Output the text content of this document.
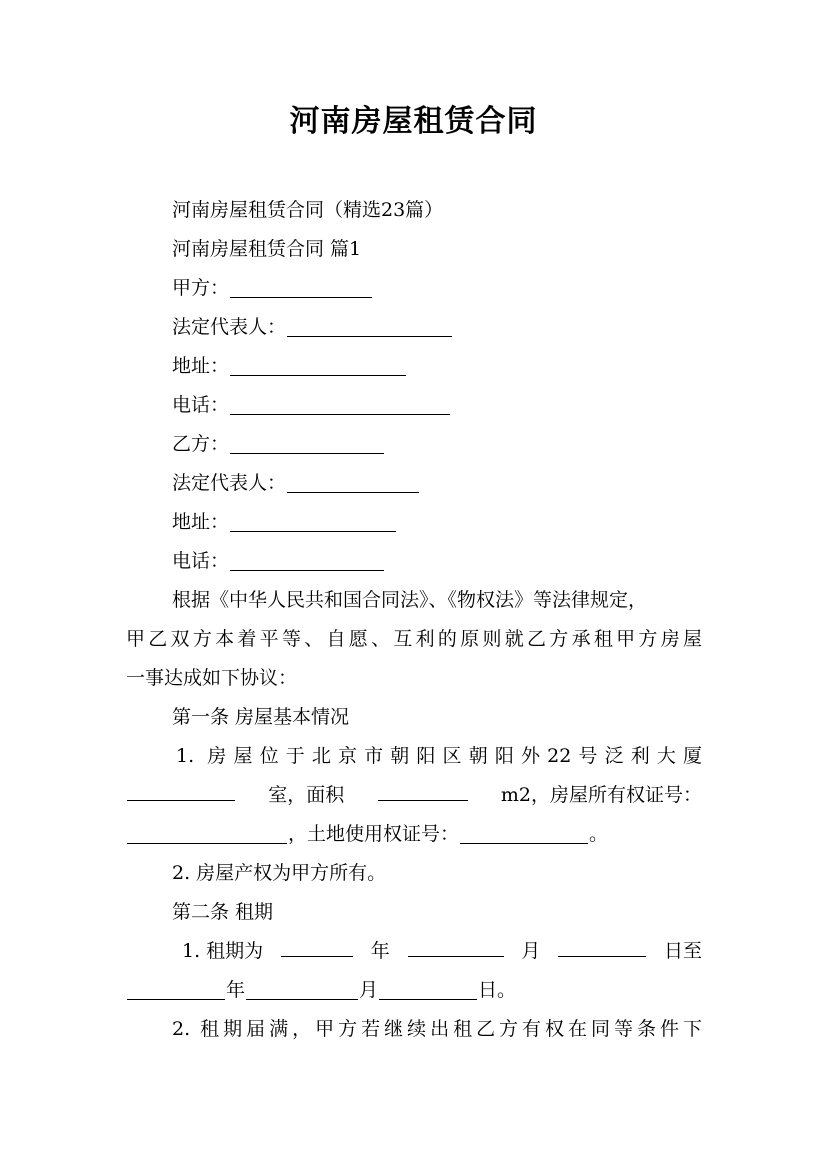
河南房屋租赁合同
河南房屋租赁合同（精选23篇）
河南房屋租赁合同 篇1
甲方：
法定代表人：
地址：
电话：
乙方：
法定代表人：
地址：
电话：
根据《中华人民共和国合同法》、《物权法》等法律规定，
甲乙双方本着平等、自愿、互利的原则就乙方承租甲方房屋
一事达成如下协议：
第一条 房屋基本情况
1. 房屋位于北京市朝阳区朝阳外22号泛利大厦
室，面积	m2，房屋所有权证号：
，土地使用权证号：	。
2. 房屋产权为甲方所有。
第二条 租期
1. 租期为	年	月	日至
年	月	日。
2. 租期届满，甲方若继续出租乙方有权在同等条件下
